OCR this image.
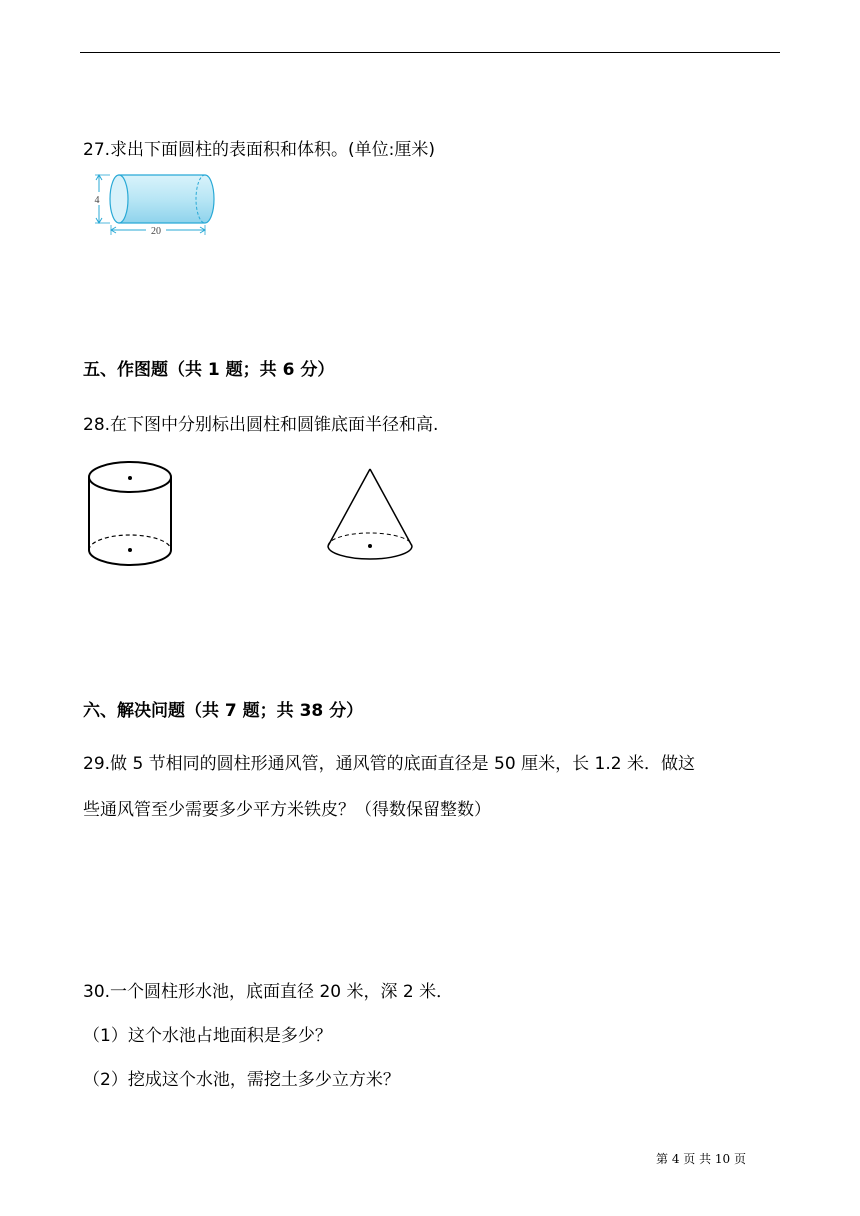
27.求出下面圆柱的表面积和体积。(单位:厘米)
4
20
五、作图题（共 1 题；共 6 分）
28.在下图中分别标出圆柱和圆锥底面半径和高.
六、解决问题（共 7 题；共 38 分）
29.做 5 节相同的圆柱形通风管，通风管的底面直径是 50 厘米，长 1.2 米．做这
些通风管至少需要多少平方米铁皮？（得数保留整数）
30.一个圆柱形水池，底面直径 20 米，深 2 米．
（1）这个水池占地面积是多少？
（2）挖成这个水池，需挖土多少立方米？
第 4 页 共 10 页
